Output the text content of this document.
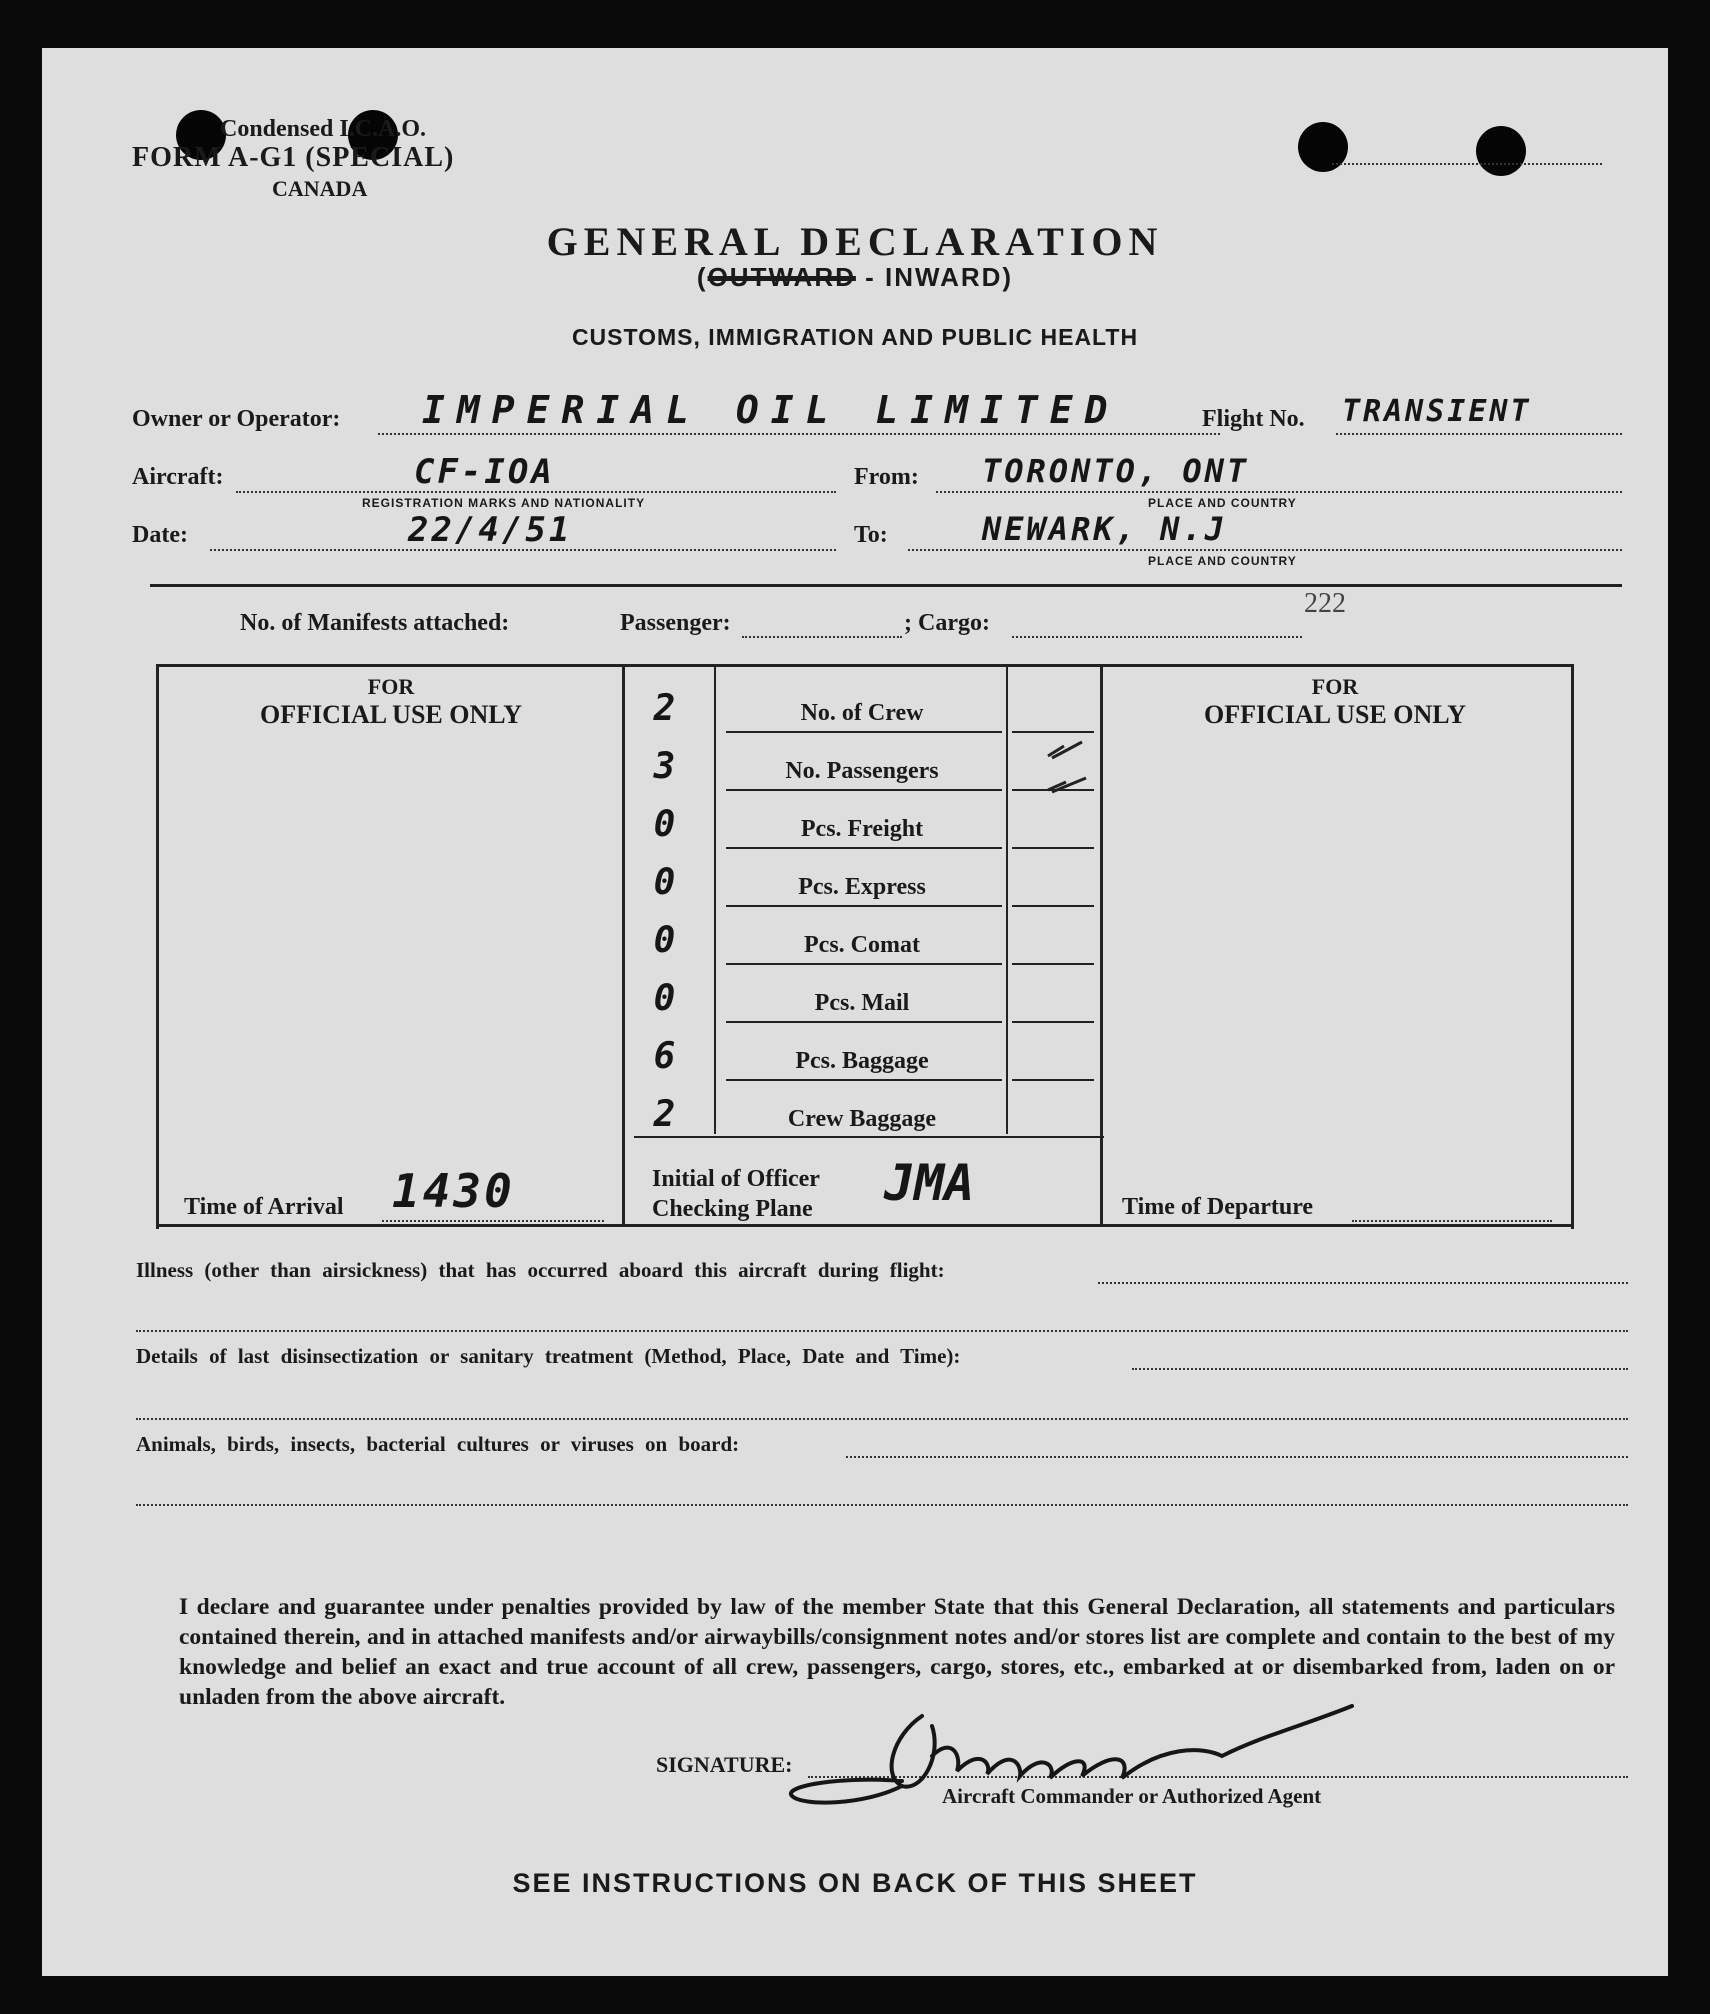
Condensed I.C.A.O.
FORM A-G1 (SPECIAL)
CANADA
GENERAL DECLARATION
(OUTWARD - INWARD)
CUSTOMS, IMMIGRATION AND PUBLIC HEALTH
Owner or Operator: IMPERIAL OIL LIMITED	Flight No. TRANSIENT
Aircraft:	CF-IOA
REGISTRATION MARKS AND NATIONALITY
From: TORONTO, ONT
PLACE AND COUNTRY
Date:	22/4/51	To:	NEWARK, N.J
PLACE AND COUNTRY
No. of Manifests attached:	Passenger:	; Cargo:
222
FOR
OFFICIAL USE ONLY
FOR
OFFICIAL USE ONLY
2	No. of Crew
3	No. Passengers
0	Pcs. Freight
0	Pcs. Express
0	Pcs. Comat
0	Pcs. Mail
6	Pcs. Baggage
2	Crew Baggage
Time of Arrival 1430	Initial of Officer
Checking Plane JMA	Time of Departure
Illness (other than airsickness) that has occurred aboard this aircraft during flight:
Details of last disinsectization or sanitary treatment (Method, Place, Date and Time):
Animals, birds, insects, bacterial cultures or viruses on board:
I declare and guarantee under penalties provided by law of the member State that this General Declaration, all statements and particulars contained therein, and in attached manifests and/or airwaybills/consignment notes and/or stores list are complete and contain to the best of my knowledge and belief an exact and true account of all crew, passengers, cargo, stores, etc., embarked at or disembarked from, laden on or unladen from the above aircraft.
SIGNATURE:
Aircraft Commander or Authorized Agent
SEE INSTRUCTIONS ON BACK OF THIS SHEET
